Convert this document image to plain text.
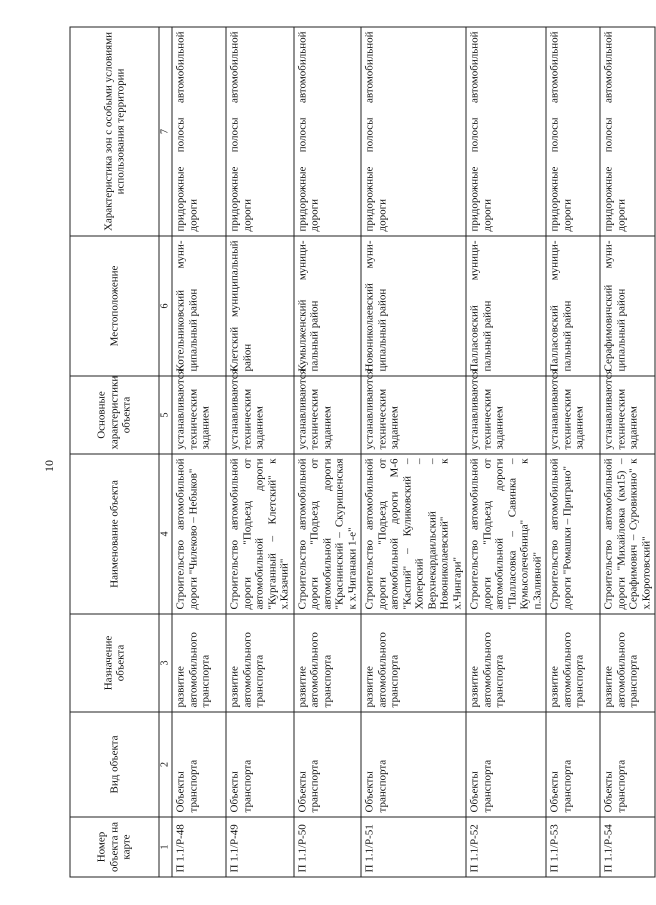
10
Номер объекта на карте	Вид объекта	Назначение объекта	Наименование объекта	Основные характеристики объекта	Местоположение	Характеристика зон с особыми условиями использования территории
1	2	3	4	5	6	7
П 1.1/Р-48	Объекты транспорта	развитие автомобильного транспорта	Строительство автомобильной дороги "Чилеково – Небыков"	устанавливаются техническим заданием	Котельниковский муниципальный район	придорожные полосы автомобильной дороги
П 1.1/Р-49	Объекты транспорта	развитие автомобильного транспорта	Строительство автомобильной дороги "Подъезд от автомобильной дороги "Курганный – Клетский" к х.Казачий"	устанавливаются техническим заданием	Клетский муниципальный район	придорожные полосы автомобильной дороги
П 1.1/Р-50	Объекты транспорта	развитие автомобильного транспорта	Строительство автомобильной дороги "Подъезд от автомобильной дороги "Краснинский – Скуришенская к х.Чиганаки 1-е"	устанавливаются техническим заданием	Кумылженский муниципальный район	придорожные полосы автомобильной дороги
П 1.1/Р-51	Объекты транспорта	развитие автомобильного транспорта	Строительство автомобильной дороги "Подъезд от автомобильной дороги М-6 "Каспий" – Куликовский – Хоперский – Верхнекардаильский – Новониколаевский" к х.Чингари"	устанавливаются техническим заданием	Новониколаевский муниципальный район	придорожные полосы автомобильной дороги
П 1.1/Р-52	Объекты транспорта	развитие автомобильного транспорта	Строительство автомобильной дороги "Подъезд от автомобильной дороги "Палласовка – Савинка – Кумысолечебница" к п.Заливной"	устанавливаются техническим заданием	Палласовский муниципальный район	придорожные полосы автомобильной дороги
П 1.1/Р-53	Объекты транспорта	развитие автомобильного транспорта	Строительство автомобильной дороги "Ромашки – Приграно"	устанавливаются техническим заданием	Палласовский муниципальный район	придорожные полосы автомобильной дороги
П 1.1/Р-54	Объекты транспорта	развитие автомобильного транспорта	Строительство автомобильной дороги "Михайловка (км15) – Серафимович – Суровикино" к х.Коротовский"	устанавливаются техническим заданием	Серафимовичский муниципальный район	придорожные полосы автомобильной дороги
